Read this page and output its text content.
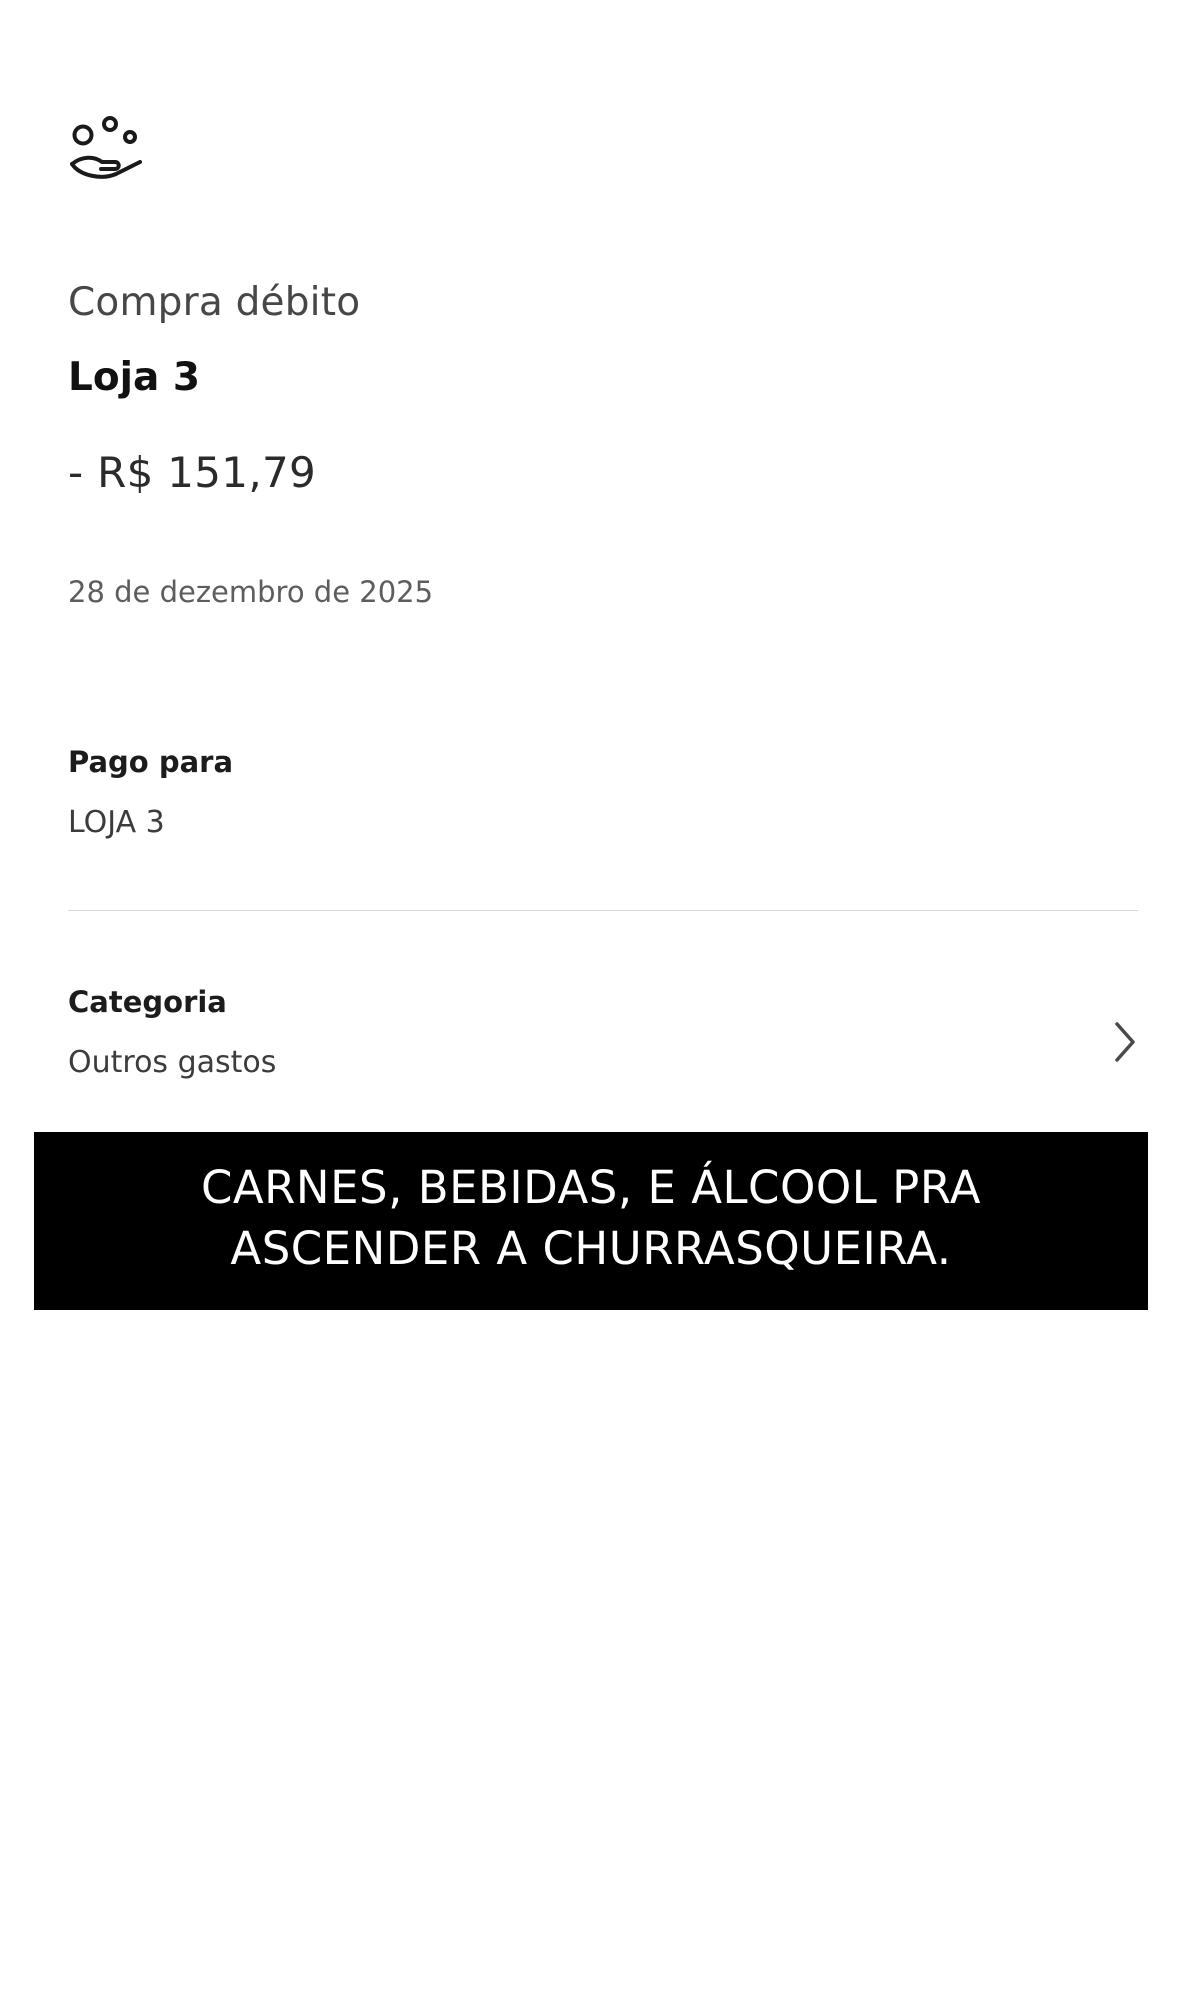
Compra débito
Loja 3
- R$ 151,79
28 de dezembro de 2025
Pago para
LOJA 3
Categoria
Outros gastos
CARNES, BEBIDAS, E ÁLCOOL PRA
ASCENDER A CHURRASQUEIRA.
